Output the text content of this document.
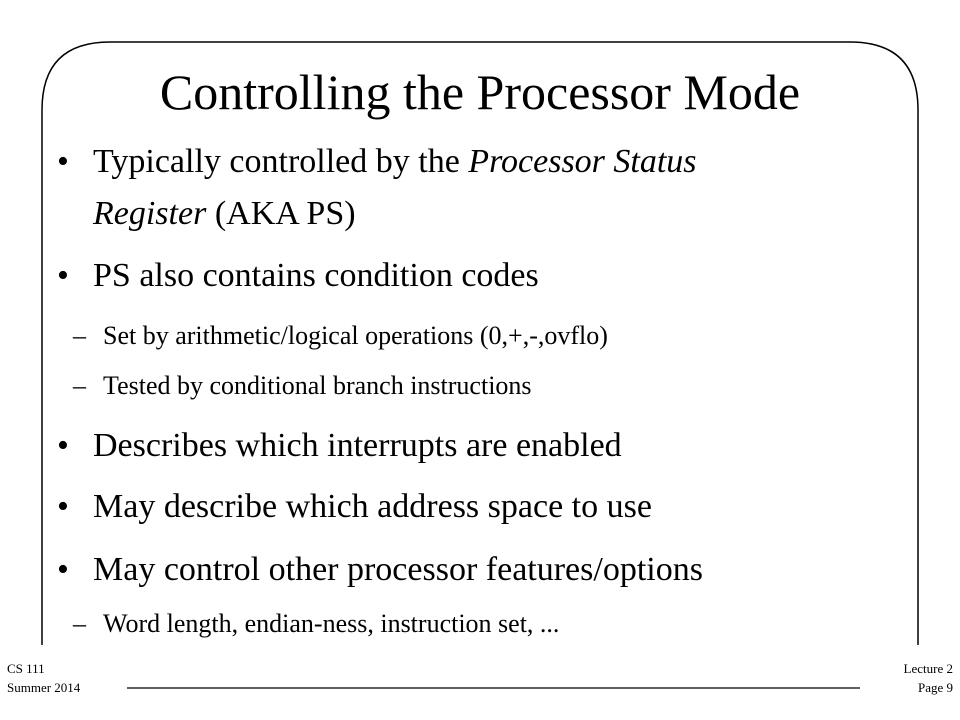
Controlling the Processor Mode
• Typically controlled by the Processor Status
Register (AKA PS)
• PS also contains condition codes
– Set by arithmetic/logical operations (0,+,-,ovflo)
– Tested by conditional branch instructions
• Describes which interrupts are enabled
• May describe which address space to use
• May control other processor features/options
– Word length, endian-ness, instruction set, ...
CS 111
Summer 2014
Lecture 2
Page 9
